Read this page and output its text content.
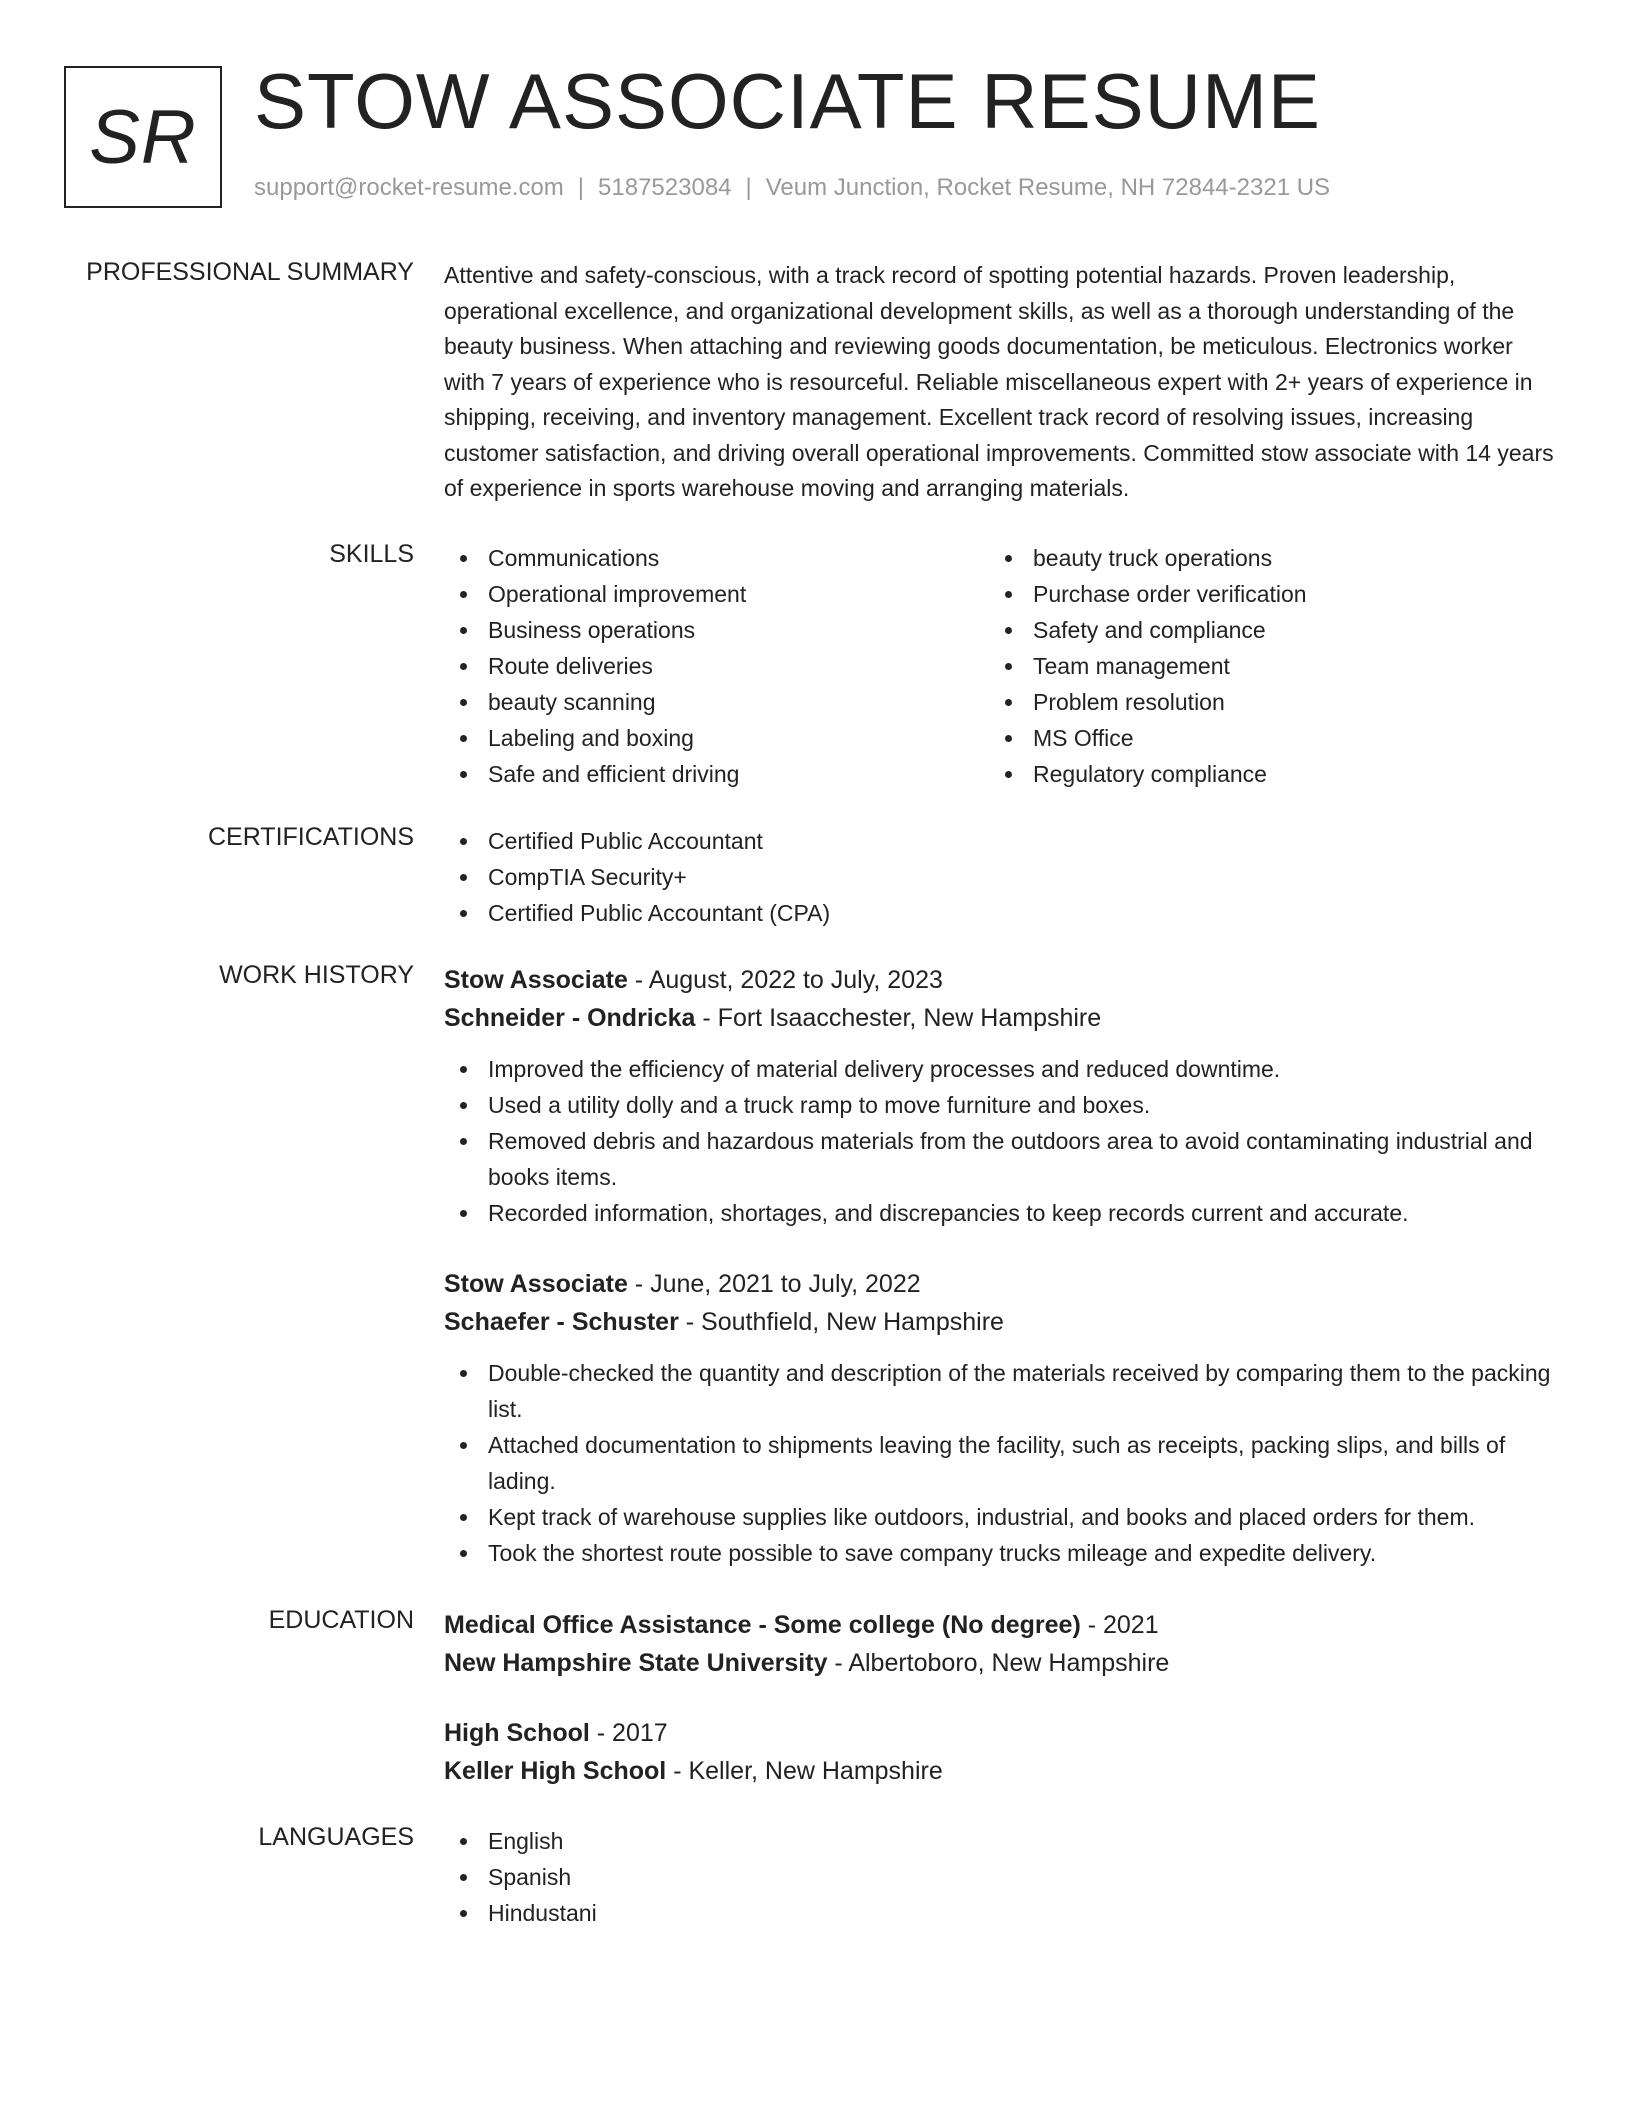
SR STOW ASSOCIATE RESUME
support@rocket-resume.com | 5187523084 | Veum Junction, Rocket Resume, NH 72844-2321 US
PROFESSIONAL SUMMARY Attentive and safety-conscious, with a track record of spotting potential hazards. Proven leadership, operational excellence, and organizational development skills, as well as a thorough understanding of the beauty business. When attaching and reviewing goods documentation, be meticulous. Electronics worker with 7 years of experience who is resourceful. Reliable miscellaneous expert with 2+ years of experience in shipping, receiving, and inventory management. Excellent track record of resolving issues, increasing customer satisfaction, and driving overall operational improvements. Committed stow associate with 14 years of experience in sports warehouse moving and arranging materials.
SKILLS	Communications
Operational improvement
Business operations
Route deliveries
beauty scanning
Labeling and boxing
Safe and efficient driving
beauty truck operations
Purchase order verification
Safety and compliance
Team management
Problem resolution
MS Office
Regulatory compliance
CERTIFICATIONS	Certified Public Accountant
CompTIA Security+
Certified Public Accountant (CPA)
WORK HISTORY Stow Associate - August, 2022 to July, 2023
Schneider - Ondricka - Fort Isaacchester, New Hampshire
Improved the efficiency of material delivery processes and reduced downtime.
Used a utility dolly and a truck ramp to move furniture and boxes.
Removed debris and hazardous materials from the outdoors area to avoid contaminating industrial and books items.
Recorded information, shortages, and discrepancies to keep records current and accurate.
Stow Associate - June, 2021 to July, 2022
Schaefer - Schuster - Southfield, New Hampshire
Double-checked the quantity and description of the materials received by comparing them to the packing list.
Attached documentation to shipments leaving the facility, such as receipts, packing slips, and bills of lading.
Kept track of warehouse supplies like outdoors, industrial, and books and placed orders for them.
Took the shortest route possible to save company trucks mileage and expedite delivery.
EDUCATION Medical Office Assistance - Some college (No degree) - 2021
New Hampshire State University - Albertoboro, New Hampshire
High School - 2017
Keller High School - Keller, New Hampshire
LANGUAGES	English
Spanish
Hindustani
